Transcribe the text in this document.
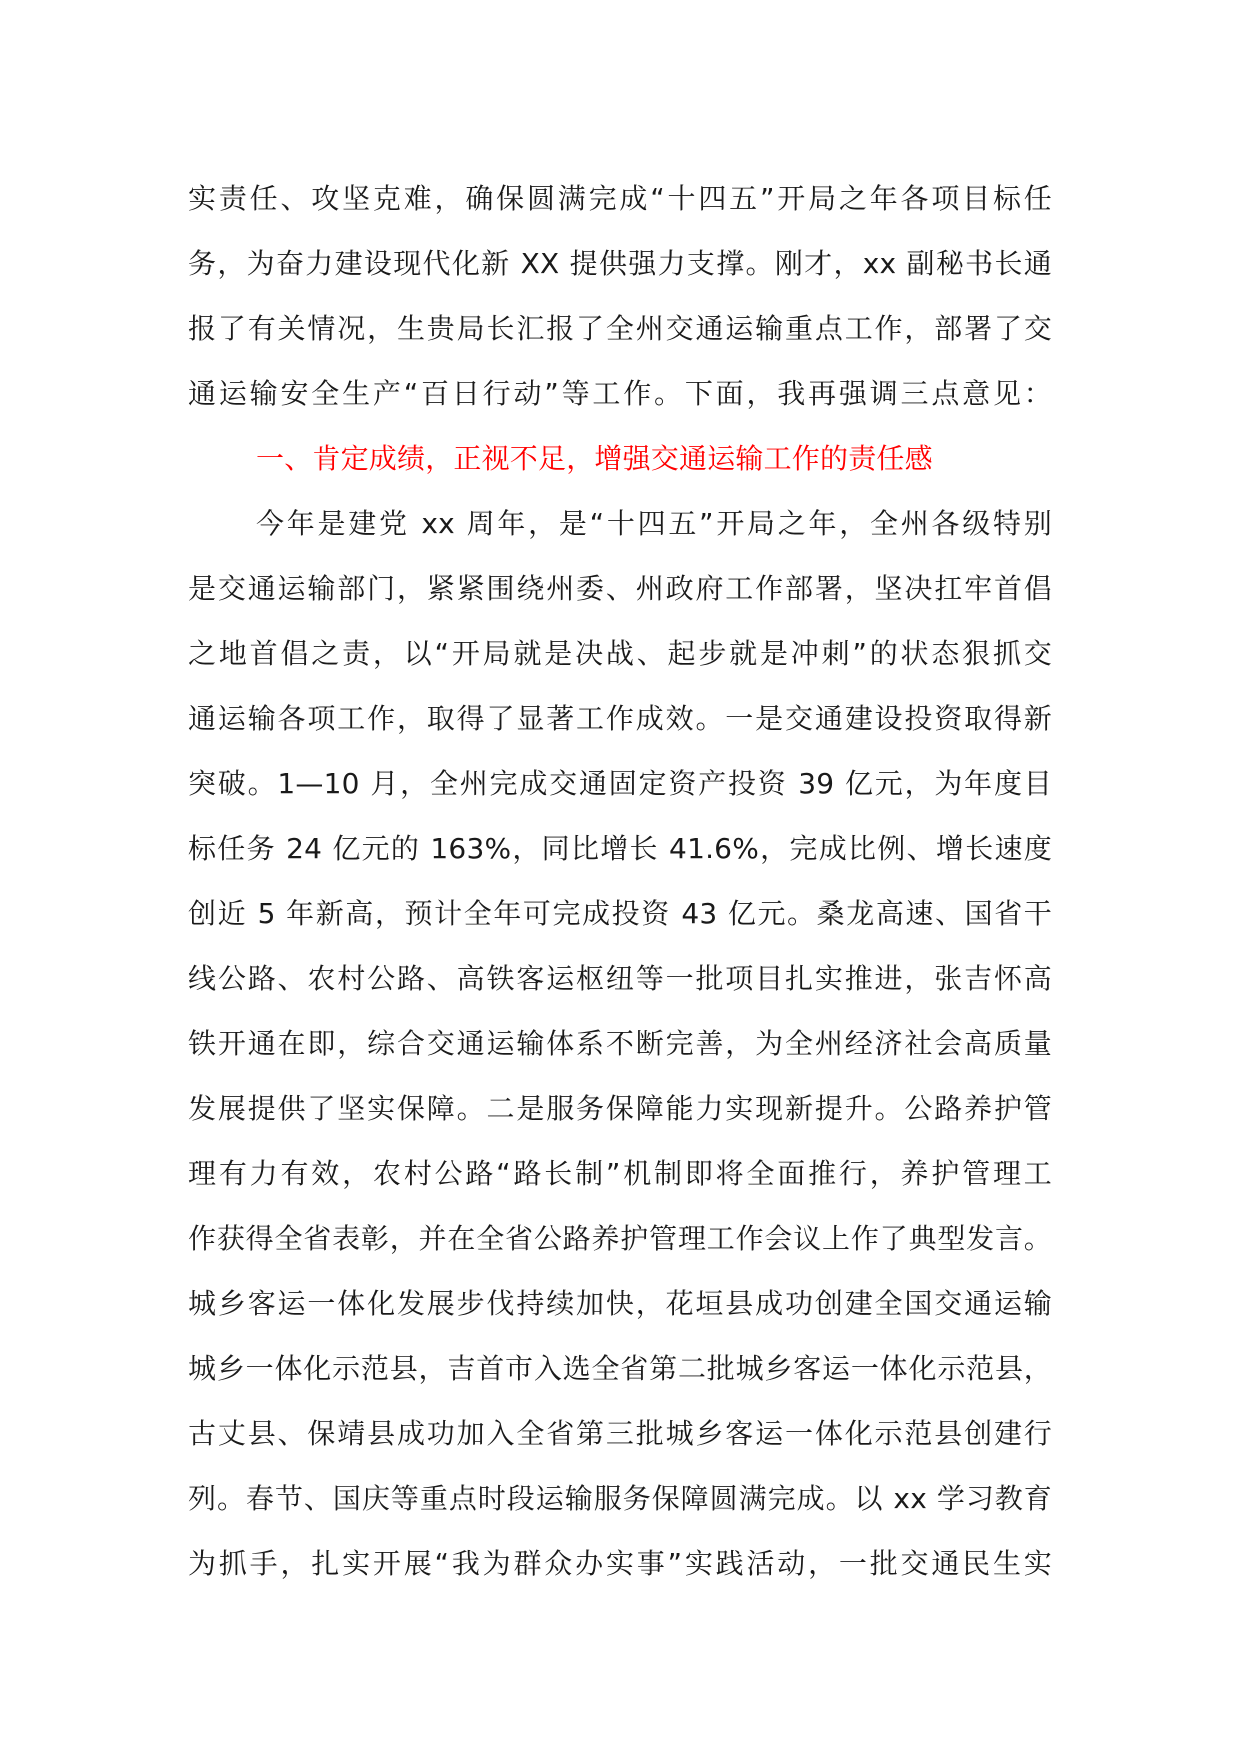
实责任、攻坚克难，确保圆满完成“十四五”开局之年各项目标任
务，为奋力建设现代化新 XX 提供强力支撑。刚才，xx 副秘书长通
报了有关情况，生贵局长汇报了全州交通运输重点工作，部署了交
通运输安全生产“百日行动”等工作。下面，我再强调三点意见：
一、肯定成绩，正视不足，增强交通运输工作的责任感
今年是建党 xx 周年，是“十四五”开局之年，全州各级特别
是交通运输部门，紧紧围绕州委、州政府工作部署，坚决扛牢首倡
之地首倡之责，以“开局就是决战、起步就是冲刺”的状态狠抓交
通运输各项工作，取得了显著工作成效。一是交通建设投资取得新
突破。1—10 月，全州完成交通固定资产投资 39 亿元，为年度目
标任务 24 亿元的 163%，同比增长 41.6%，完成比例、增长速度
创近 5 年新高，预计全年可完成投资 43 亿元。桑龙高速、国省干
线公路、农村公路、高铁客运枢纽等一批项目扎实推进，张吉怀高
铁开通在即，综合交通运输体系不断完善，为全州经济社会高质量
发展提供了坚实保障。二是服务保障能力实现新提升。公路养护管
理有力有效，农村公路“路长制”机制即将全面推行，养护管理工
作获得全省表彰，并在全省公路养护管理工作会议上作了典型发言。
城乡客运一体化发展步伐持续加快，花垣县成功创建全国交通运输
城乡一体化示范县，吉首市入选全省第二批城乡客运一体化示范县，
古丈县、保靖县成功加入全省第三批城乡客运一体化示范县创建行
列。春节、国庆等重点时段运输服务保障圆满完成。以 xx 学习教育
为抓手，扎实开展“我为群众办实事”实践活动，一批交通民生实
